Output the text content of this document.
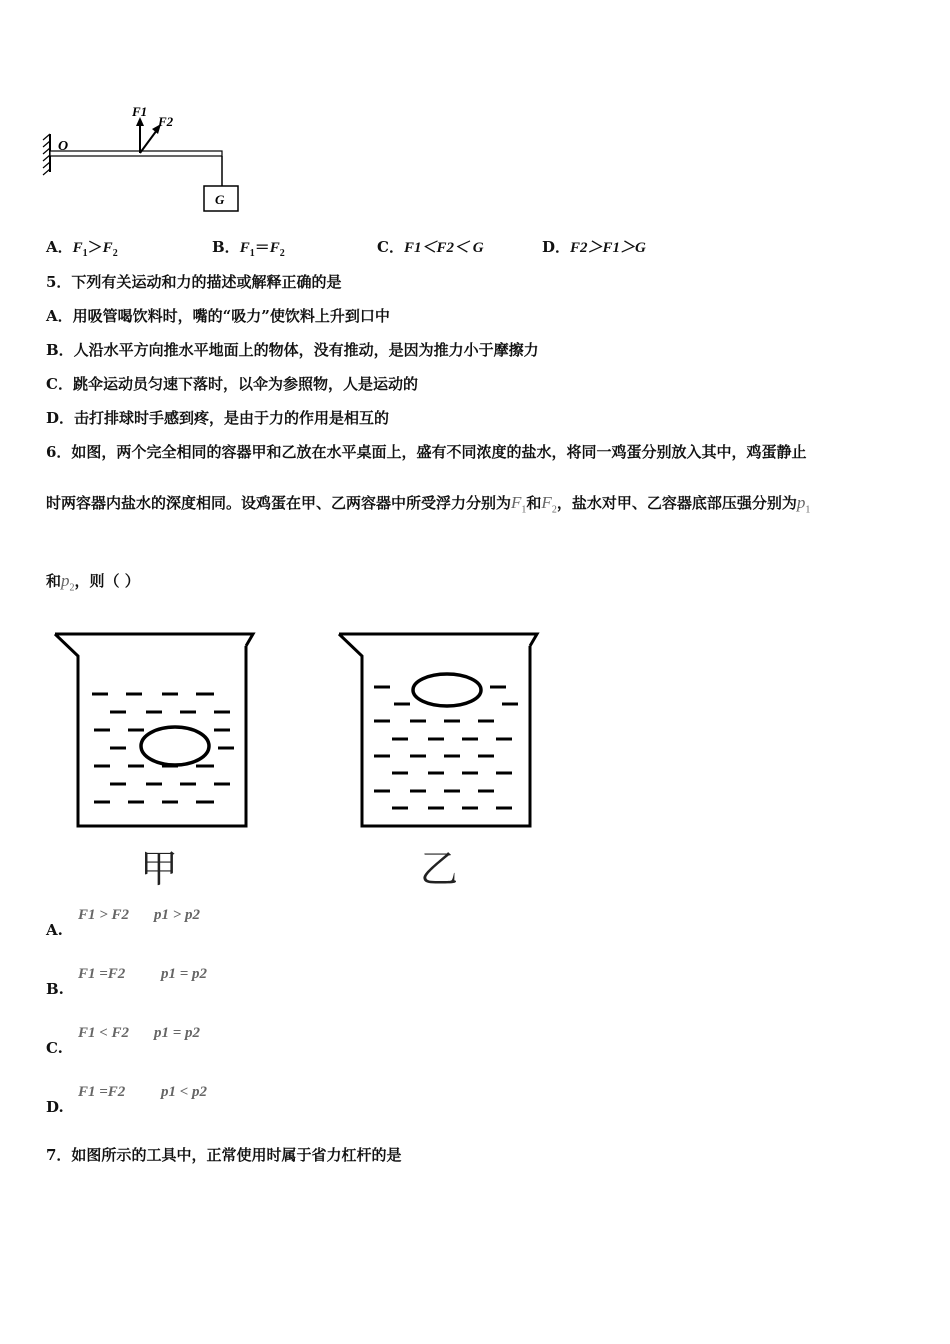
O
F1
F2
G
A．$F_1>F_2$	B．$F_1=F_2$	C．F1＜F2＜ G	D．F2＞F1＞G
5．下列有关运动和力的描述或解释正确的是
A．用吸管喝饮料时，嘴的“吸力”使饮料上升到口中
B．人沿水平方向推水平地面上的物体，没有推动，是因为推力小于摩擦力
C．跳伞运动员匀速下落时，以伞为参照物，人是运动的
D．击打排球时手感到疼，是由于力的作用是相互的
6．如图，两个完全相同的容器甲和乙放在水平桌面上，盛有不同浓度的盐水，将同一鸡蛋分别放入其中，鸡蛋静止
时两容器内盐水的深度相同。设鸡蛋在甲、乙两容器中所受浮力分别为$F_1$和$F_2$，盐水对甲、乙容器底部压强分别为$p_1$
和$p_2$，则（ ）
甲	乙
A.
F1 > F2 p1 > p2
B.
F1 =F2 p1 = p2
C.
F1 < F2 p1 = p2
D.
F1 =F2 p1 < p2
7．如图所示的工具中，正常使用时属于省力杠杆的是
